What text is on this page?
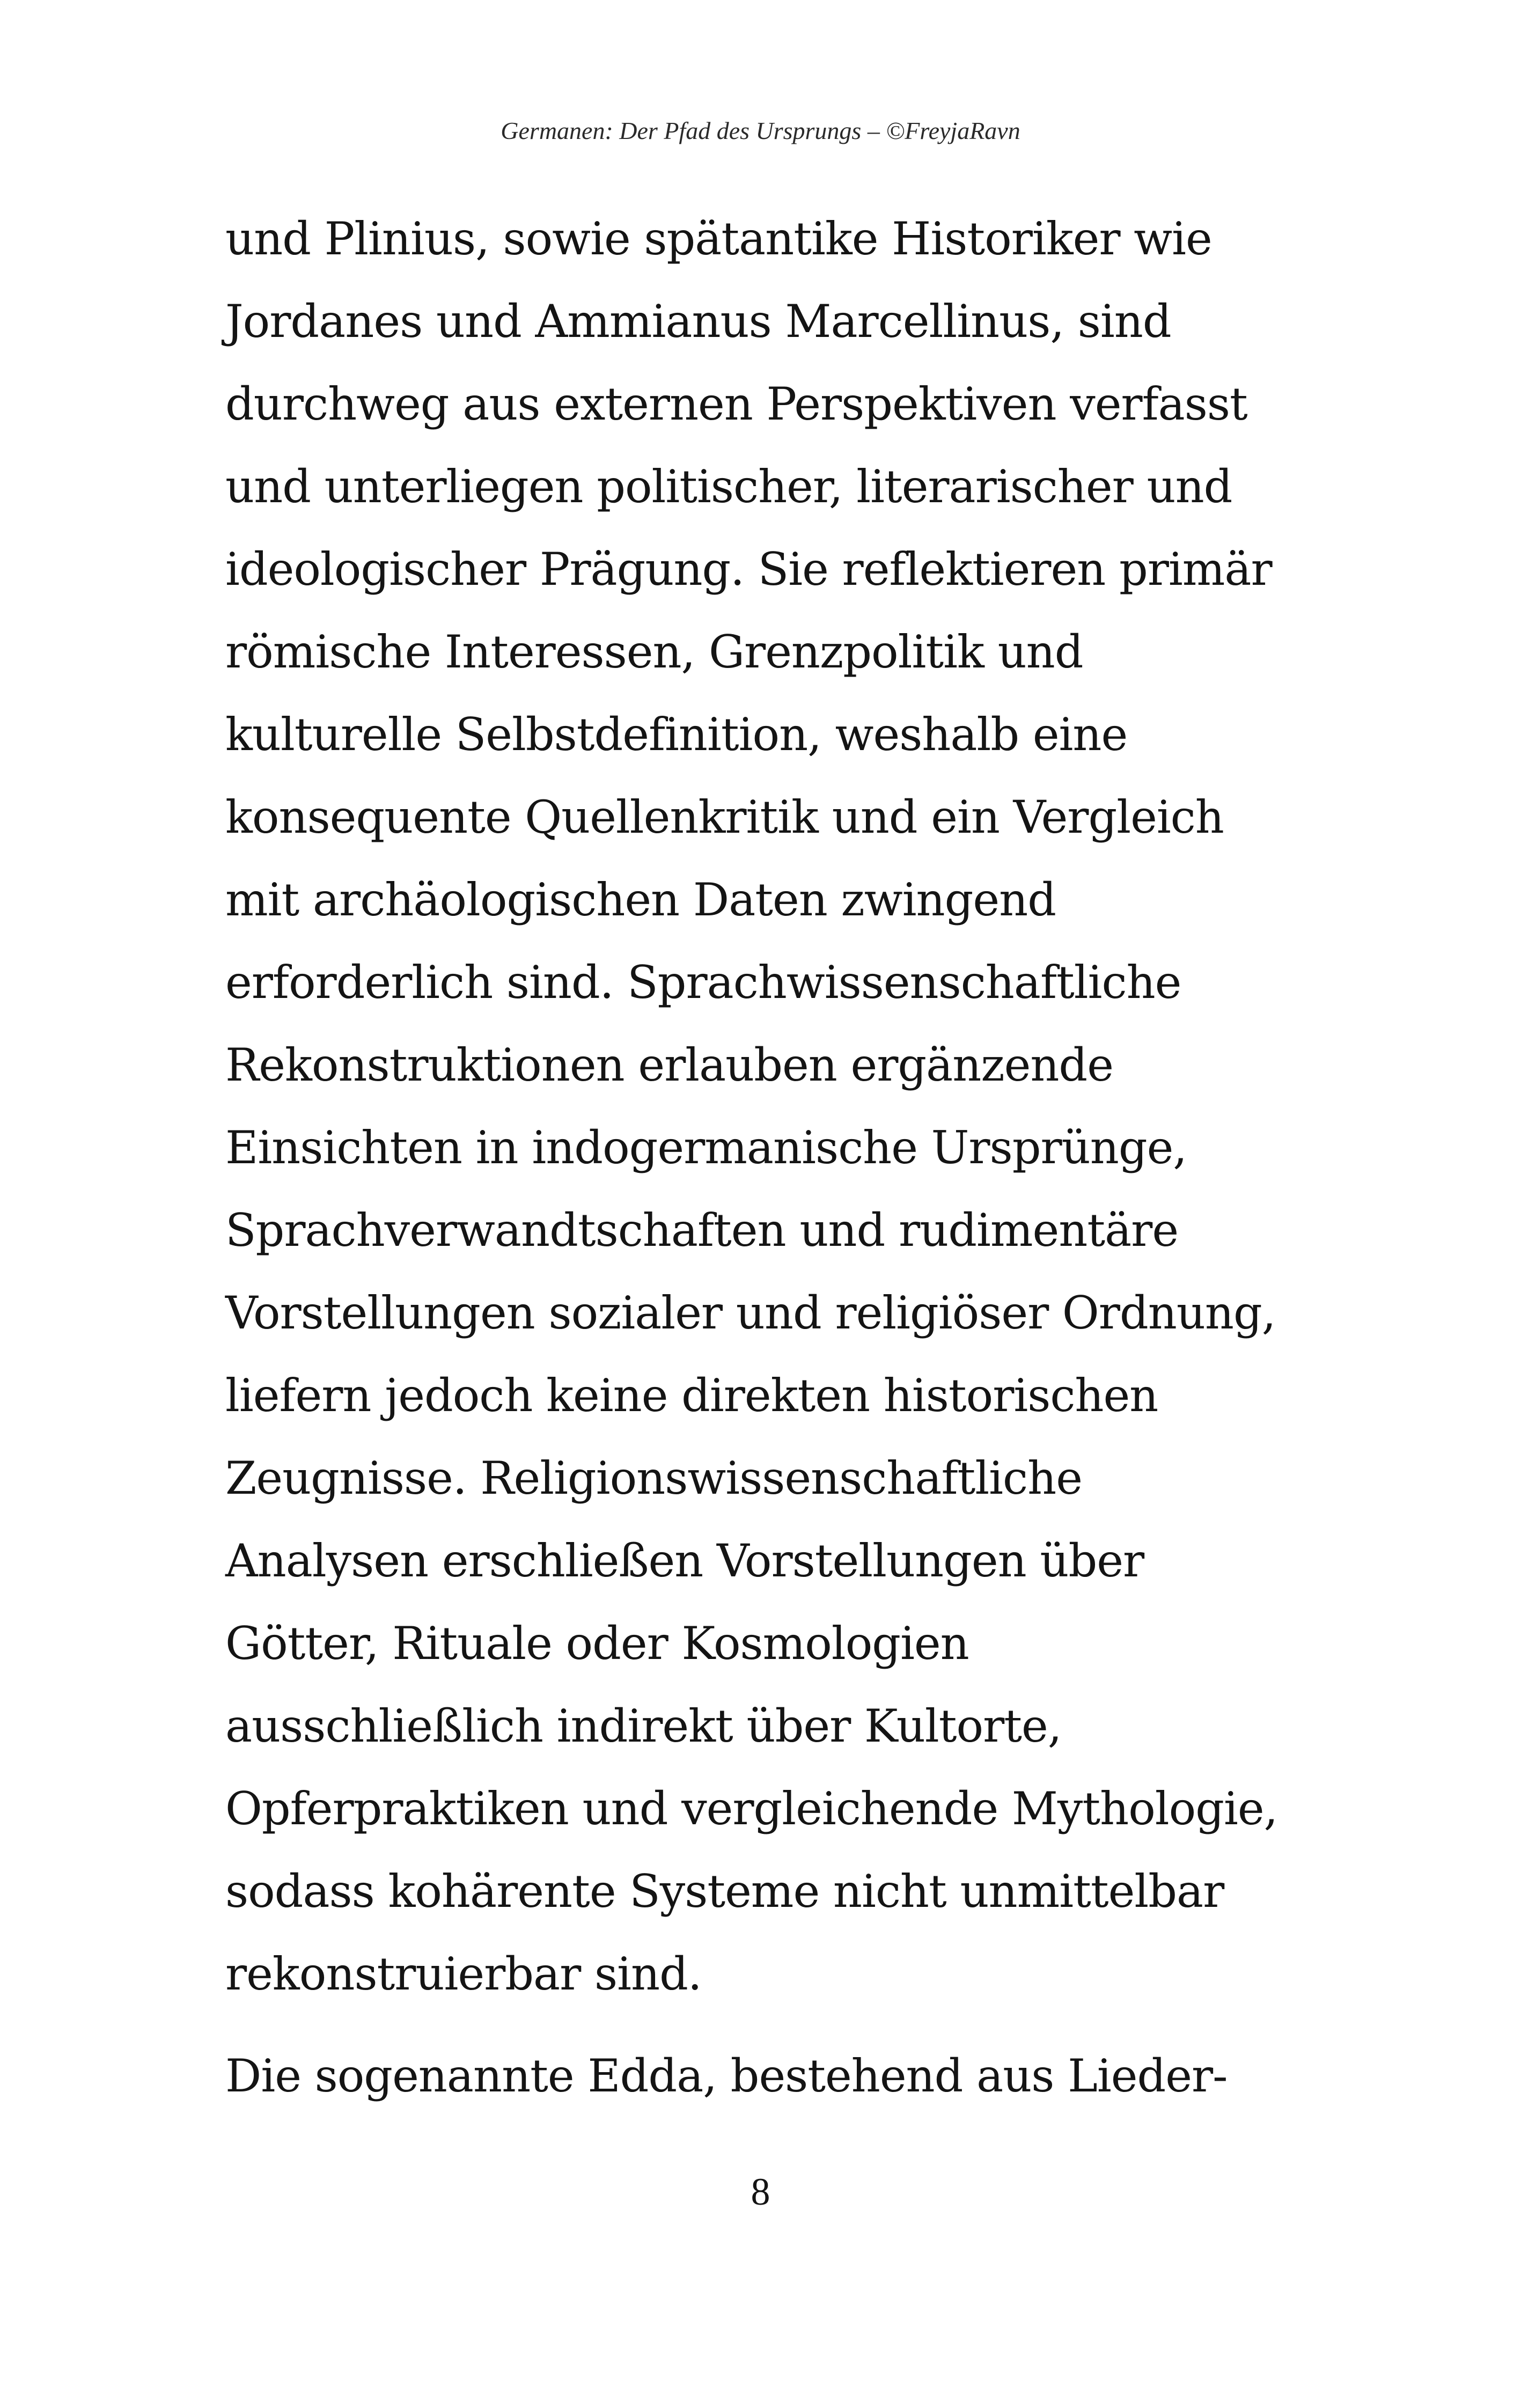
Germanen: Der Pfad des Ursprungs – ©FreyjaRavn
und Plinius, sowie spätantike Historiker wie
Jordanes und Ammianus Marcellinus, sind
durchweg aus externen Perspektiven verfasst
und unterliegen politischer, literarischer und
ideologischer Prägung. Sie reflektieren primär
römische Interessen, Grenzpolitik und
kulturelle Selbstdefinition, weshalb eine
konsequente Quellenkritik und ein Vergleich
mit archäologischen Daten zwingend
erforderlich sind. Sprachwissenschaftliche
Rekonstruktionen erlauben ergänzende
Einsichten in indogermanische Ursprünge,
Sprachverwandtschaften und rudimentäre
Vorstellungen sozialer und religiöser Ordnung,
liefern jedoch keine direkten historischen
Zeugnisse. Religionswissenschaftliche
Analysen erschließen Vorstellungen über
Götter, Rituale oder Kosmologien
ausschließlich indirekt über Kultorte,
Opferpraktiken und vergleichende Mythologie,
sodass kohärente Systeme nicht unmittelbar
rekonstruierbar sind.
Die sogenannte Edda, bestehend aus Lieder-
8
